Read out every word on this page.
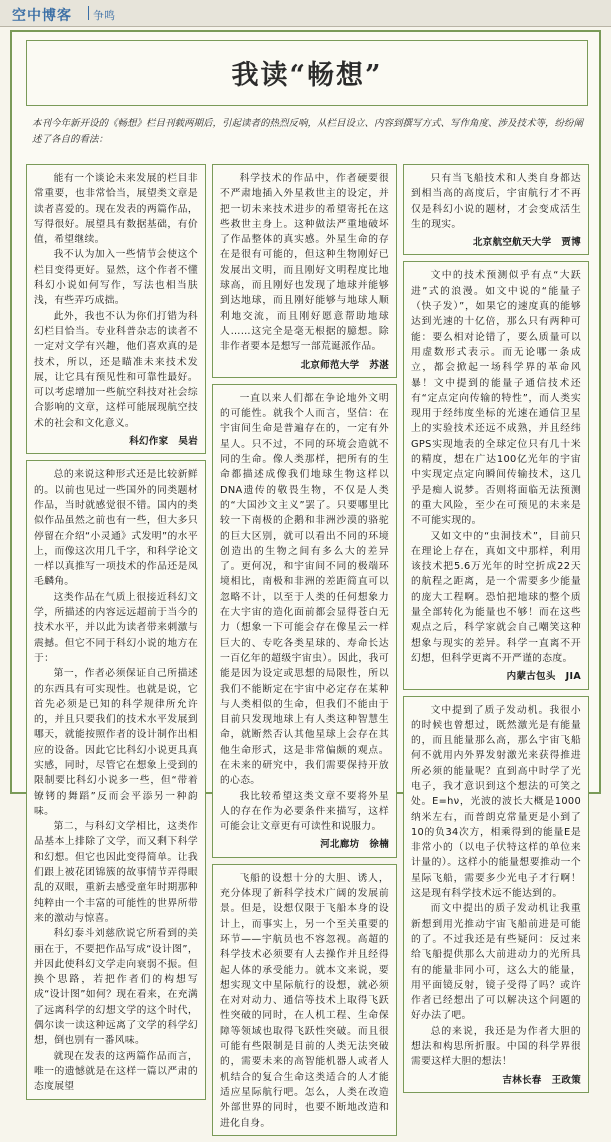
空中博客 争鸣
我读“畅想”
本刊今年新开设的《畅想》栏目刊载两期后，引起读者的热烈反响，从栏目设立、内容到撰写方式、写作角度、涉及技术等，纷纷阐述了各自的看法：

能有一个谈论未来发展的栏目非常重要，也非常恰当，展望类文章是读者喜爱的。现在发表的两篇作品，写得很好。展望具有数据基础，有价值，希望继续。

我不认为加入一些情节会使这个栏目变得更好。显然，这个作者不懂科幻小说如何写作，写法也相当肤浅，有些弄巧成拙。

此外，我也不认为你们打错为科幻栏目恰当。专业科普杂志的读者不一定对文学有兴趣，他们喜欢真的是技术，所以，还是瞄准未来技术发展，让它具有预见性和可靠性最好。可以考虑增加一些航空科技对社会综合影响的文章，这样可能展现航空技术的社会和文化意义。

科幻作家 吴岩

总的来说这种形式还是比较新鲜的。以前也见过一些国外的同类题材作品，当时就感觉很不错。国内的类似作品虽然之前也有一些，但大多只停留在介绍“小灵通》式发明”的水平上，而像这次用几千字，和科学论文一样以真推写一项技术的作品还是凤毛麟角。

这类作品在气质上很接近科幻文学，所描述的内容远远超前于当今的技术水平，并以此为读者带来刺激与震撼。但它不同于科幻小说的地方在于：

第一，作者必须保证自己所描述的东西具有可实现性。也就是说，它首先必须是已知的科学规律所允许的，并且只要我们的技术水平发展到哪天，就能按照作者的设计制作出相应的设备。因此它比科幻小说更具真实感，同时，尽管它在想象上受到的限制要比科幻小说多一些，但“带着镣铐的舞蹈”反而会平添另一种韵味。

第二，与科幻文学相比，这类作品基本上排除了文学，而又剩下科学和幻想。但它也因此变得简单。让我们跟上被花团锦簇的故事情节弄得眼乱的双眼，重新去感受童年时期那种纯粹由一个丰富的可能性的世界所带来的激动与惊喜。

科幻泰斗刘慈欣说它所看到的美丽在于，不要把作品写成“设计图”，并因此使科幻文学走向衰弱不振。但换个思路，若把作者们的构想写成“设计图”如何？现在看来，在充满了远离科学的幻想文学的这个时代，偶尔读一读这种远离了文学的科学幻想，倒也别有一番风味。

就现在发表的这两篇作品而言，唯一的遗憾就是在这样一篇以严肃的态度展望

科学技术的作品中，作者硬要很不严肃地插入外星救世主的设定，并把一切未来技术进步的希望寄托在这些救世主身上。这种做法严重地破坏了作品整体的真实感。外星生命的存在是很有可能的，但这种生物刚好已发展出文明，而且刚好文明程度比地球高，而且刚好也发现了地球并能够到达地球，而且刚好能够与地球人顺利地交流，而且刚好愿意帮助地球人……这完全是毫无根据的臆想。除非作者要本是想写一部荒诞派作品。

北京师范大学 苏湛

一直以来人们都在争论地外文明的可能性。就我个人而言，坚信：在宇宙间生命是普遍存在的，一定有外星人。只不过，不同的环境会造就不同的生命。像人类那样，把所有的生命都描述成像我们地球生物这样以DNA遗传的敬畏生物，不仅是人类的“大国沙文主义”罢了。只要哪里比较一下南极的企鹅和非洲沙漠的骆驼的巨大区别，就可以看出不同的环境创造出的生物之间有多么大的差异了。更何况，和宇宙间不同的极端环境相比，南极和非洲的差距简直可以忽略不计，以至于人类的任何想象力在大宇宙的造化面前都会显得苍白无力（想象一下可能会存在像星云一样巨大的、专吃各类星球的、寿命长达一百亿年的超级宇宙虫）。因此，我可能是因为设定或思想的局限性，所以我们不能断定在宇宙中必定存在某种与人类相似的生命，但我们不能由于目前只发现地球上有人类这种智慧生命，就断然否认其他星球上会存在其他生命形式，这是非常偏颇的观点。在未来的研究中，我们需要保持开放的心态。

我比较希望这类文章不要将外星人的存在作为必要条件来描写，这样可能会让文章更有可读性和说服力。

河北廊坊 徐楠

飞船的设想十分的大胆、诱人，充分体现了新科学技术广阔的发展前景。但是，设想仅限于飞船本身的设计上，而事实上，另一个至关重要的环节——宇航员也不容忽视。高超的科学技术必须要有人去操作并且经得起人体的承受能力。就本文来说，要想实现文中星际航行的设想，就必须在对对动力、通信等技术上取得飞跃性突破的同时，在人机工程、生命保障等领域也取得飞跃性突破。而且很可能有些限制是目前的人类无法突破的，需要未来的高智能机器人或者人机结合的复合生命这类适合的人才能适应星际航行吧。怎么，人类在改造外部世界的同时，也要不断地改造和进化自身。

只有当飞船技术和人类自身都达到相当高的高度后，宇宙航行才不再仅是科幻小说的题材，才会变成活生生的现实。

北京航空航天大学 贾博

文中的技术预测似乎有点“大跃进”式的浪漫。如文中说的“能量子（快子发）”，如果它的速度真的能够达到光速的十亿倍，那么只有两种可能：要么相对论错了，要么质量可以用虚数形式表示。而无论哪一条成立，都会掀起一场科学界的革命风暴！文中提到的能量子通信技术还有“定点定向传输的特性”，而人类实现用于经纬度坐标的光速在通信卫星上的实验技术还远不成熟，并且经纬GPS实现地表的全球定位只有几十米的精度，想在广达100亿光年的宇宙中实现定点定向瞬间传输技术，这几乎是痴人说梦。否则将面临无法预测的重大风险，至少在可预见的未来是不可能实现的。

又如文中的“虫洞技术”，目前只在理论上存在，真如文中那样，利用该技术把5.6万光年的时空折成22天的航程之距离，是一个需要多少能量的庞大工程啊。恐怕把地球的整个质量全部转化为能量也不够！而在这些观点之后，科学家就会自己嘲笑这种想象与现实的差异。科学一直离不开幻想，但科学更离不开严谨的态度。

内蒙古包头 JIA

文中提到了质子发动机。我很小的时候也曾想过，既然激光是有能量的，而且能量那么高，那么宇宙飞船何不就用内外界发射激光来获得推进所必须的能量呢？直到高中时学了光电子，我才意识到这个想法的可笑之处。E=hν，光波的波长大概是1000纳米左右，而普朗克常量更是小到了10的负34次方，相乘得到的能量E是非常小的（以电子伏特这样的单位来计量的）。这样小的能量想要推动一个星际飞船，需要多少光电子才行啊！这是现有科学技术远不能达到的。

而文中提出的质子发动机让我重新想到用光推动宇宙飞船前进是可能的了。不过我还是有些疑问：反过来给飞船提供那么大前进动力的光所具有的能量非同小可，这么大的能量，用平面镜反射，镜子受得了吗？或许作者已经想出了可以解决这个问题的好办法了吧。

总的来说，我还是为作者大胆的想法和构思所折服。中国的科学界很需要这样大胆的想法！

吉林长春 王政策
